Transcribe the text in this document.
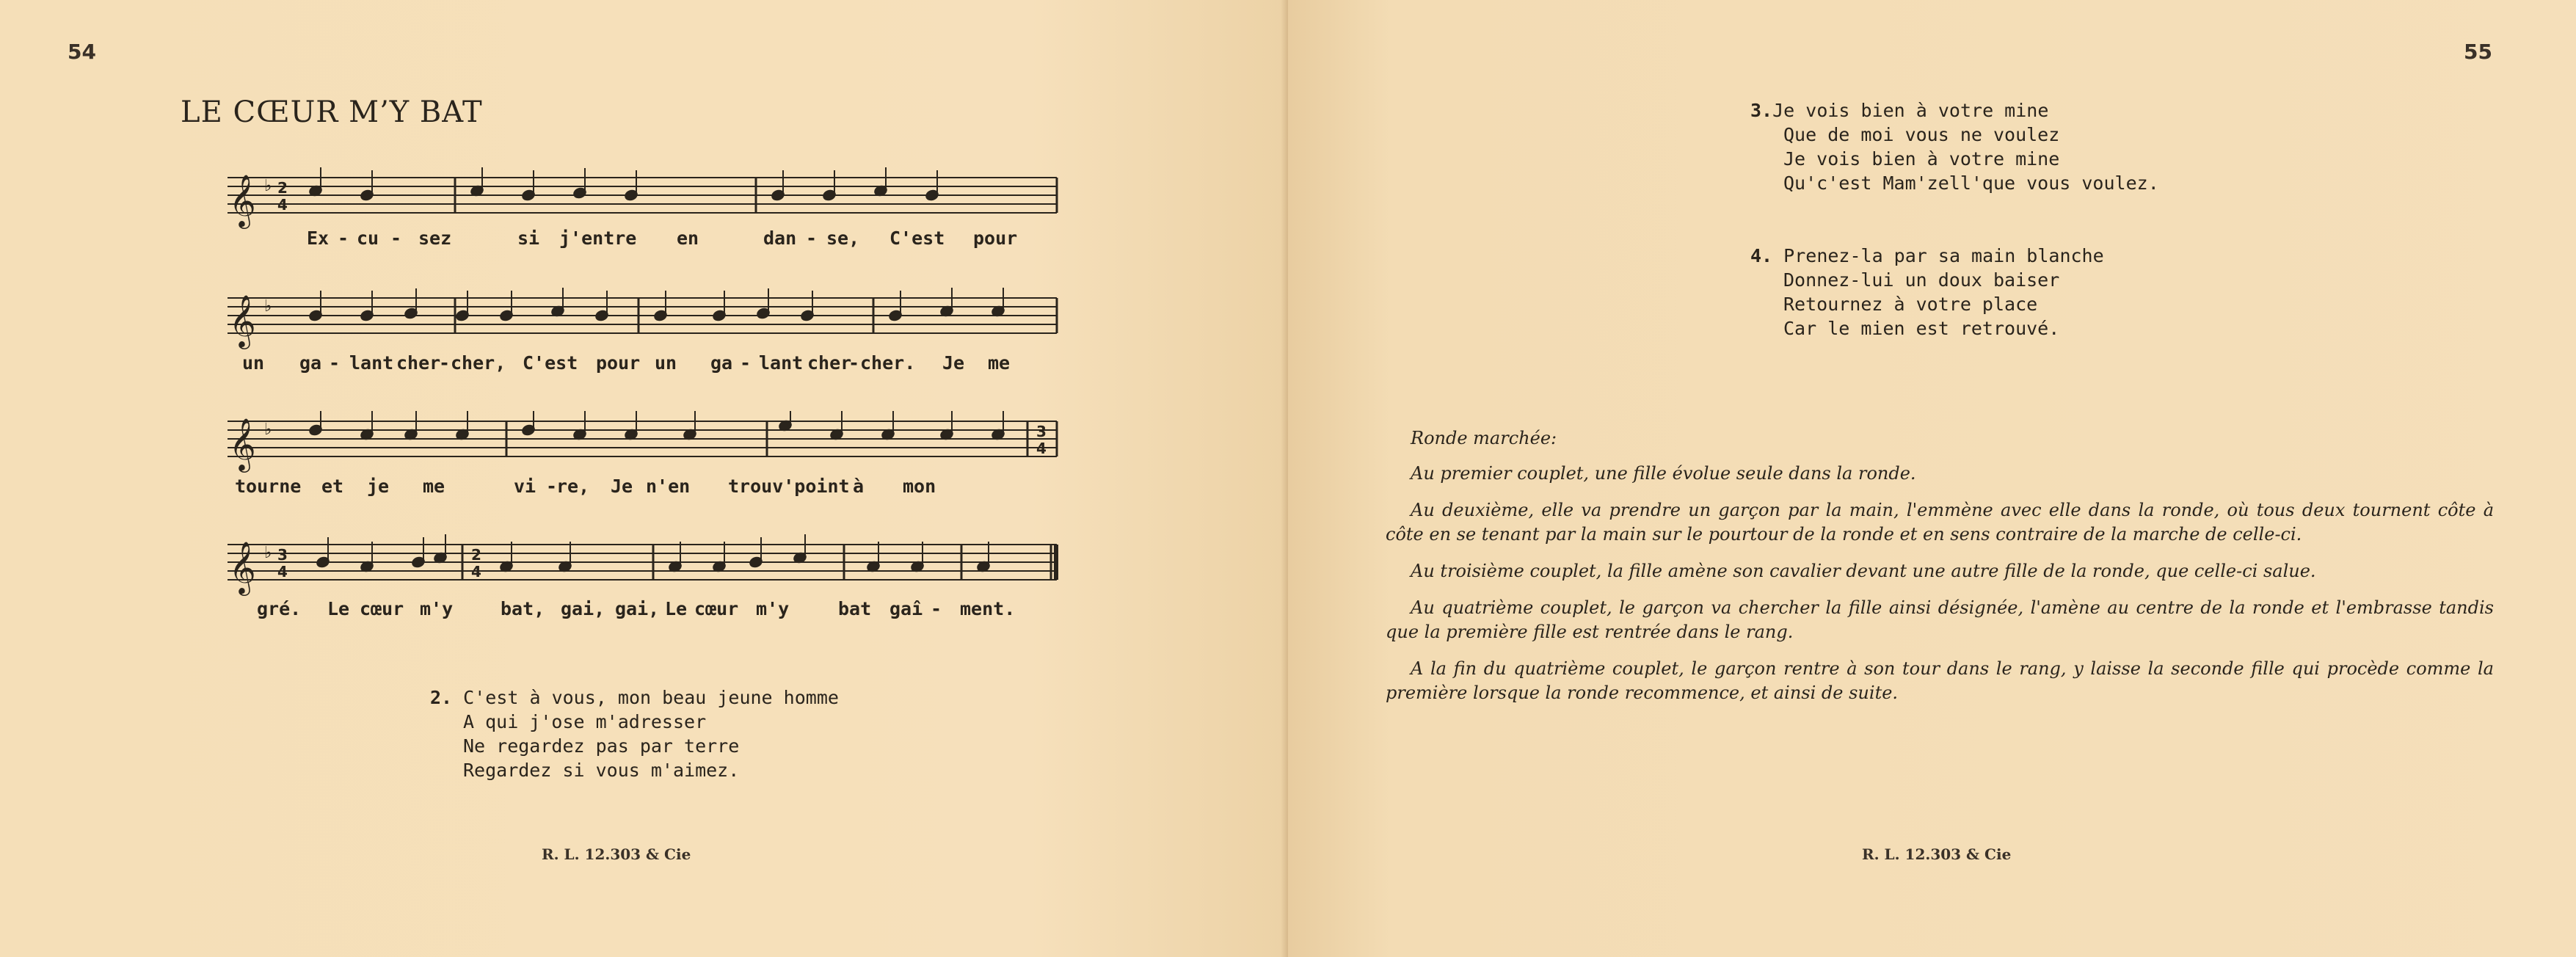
54
LE CŒUR M’Y BAT
𝄞 ♭ 2
4
Ex - cu - sez	si j'entre en	dan - se, C'est pour
𝄞 ♭
un ga - lant cher
- cher, C'est pour un ga - lant cher
- cher. Je me
𝄞 ♭	3
4
tourne et je me	vi -
re, Je n'en trouv'point à mon
𝄞 ♭ 3
4
2
4
gré. Le cœur m'y	bat, gai, gai, Le cœur m'y	bat gaî - ment.
2. C'est à vous, mon beau jeune homme
A qui j'ose m'adresser
Ne regardez pas par terre
Regardez si vous m'aimez.
R. L. 12.303 & Cie
55
3.Je vois bien à votre mine
Que de moi vous ne voulez
Je vois bien à votre mine
Qu'c'est Mam'zell'que vous voulez.
4. Prenez-la par sa main blanche
Donnez-lui un doux baiser
Retournez à votre place
Car le mien est retrouvé.
R. L. 12.303 & Cie
Ronde marchée:

Au premier couplet, une fille évolue seule dans la ronde.

Au deuxième, elle va prendre un garçon par la main, l'emmène avec elle dans la ronde, où tous deux tournent côte à côte en se tenant par la main sur le pourtour de la ronde et en sens contraire de la marche de celle-ci.

Au troisième couplet, la fille amène son cavalier devant une autre fille de la ronde, que celle-ci salue.

Au quatrième couplet, le garçon va chercher la fille ainsi désignée, l'amène au centre de la ronde et l'embrasse tandis que la première fille est rentrée dans le rang.

A la fin du quatrième couplet, le garçon rentre à son tour dans le rang, y laisse la seconde fille qui procède comme la première lorsque la ronde recommence, et ainsi de suite.
